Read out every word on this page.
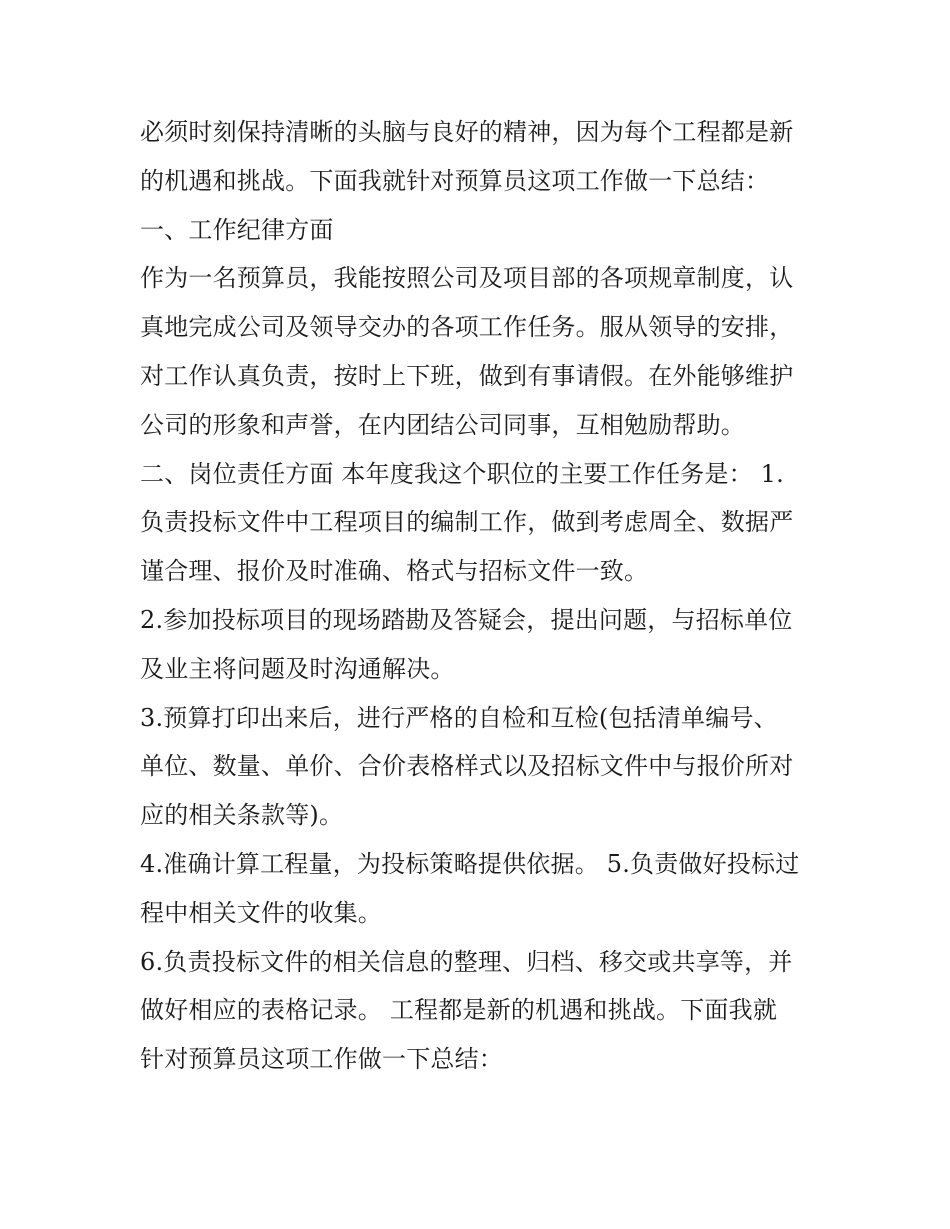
必须时刻保持清晰的头脑与良好的精神，因为每个工程都是新
的机遇和挑战。下面我就针对预算员这项工作做一下总结：
一、工作纪律方面
作为一名预算员，我能按照公司及项目部的各项规章制度，认
真地完成公司及领导交办的各项工作任务。服从领导的安排，
对工作认真负责，按时上下班，做到有事请假。在外能够维护
公司的形象和声誉，在内团结公司同事，互相勉励帮助。
二、岗位责任方面 本年度我这个职位的主要工作任务是： 1.
负责投标文件中工程项目的编制工作，做到考虑周全、数据严
谨合理、报价及时准确、格式与招标文件一致。
2.参加投标项目的现场踏勘及答疑会，提出问题，与招标单位
及业主将问题及时沟通解决。
3.预算打印出来后，进行严格的自检和互检(包括清单编号、
单位、数量、单价、合价表格样式以及招标文件中与报价所对
应的相关条款等)。
4.准确计算工程量，为投标策略提供依据。 5.负责做好投标过
程中相关文件的收集。
6.负责投标文件的相关信息的整理、归档、移交或共享等，并
做好相应的表格记录。 工程都是新的机遇和挑战。下面我就
针对预算员这项工作做一下总结：
